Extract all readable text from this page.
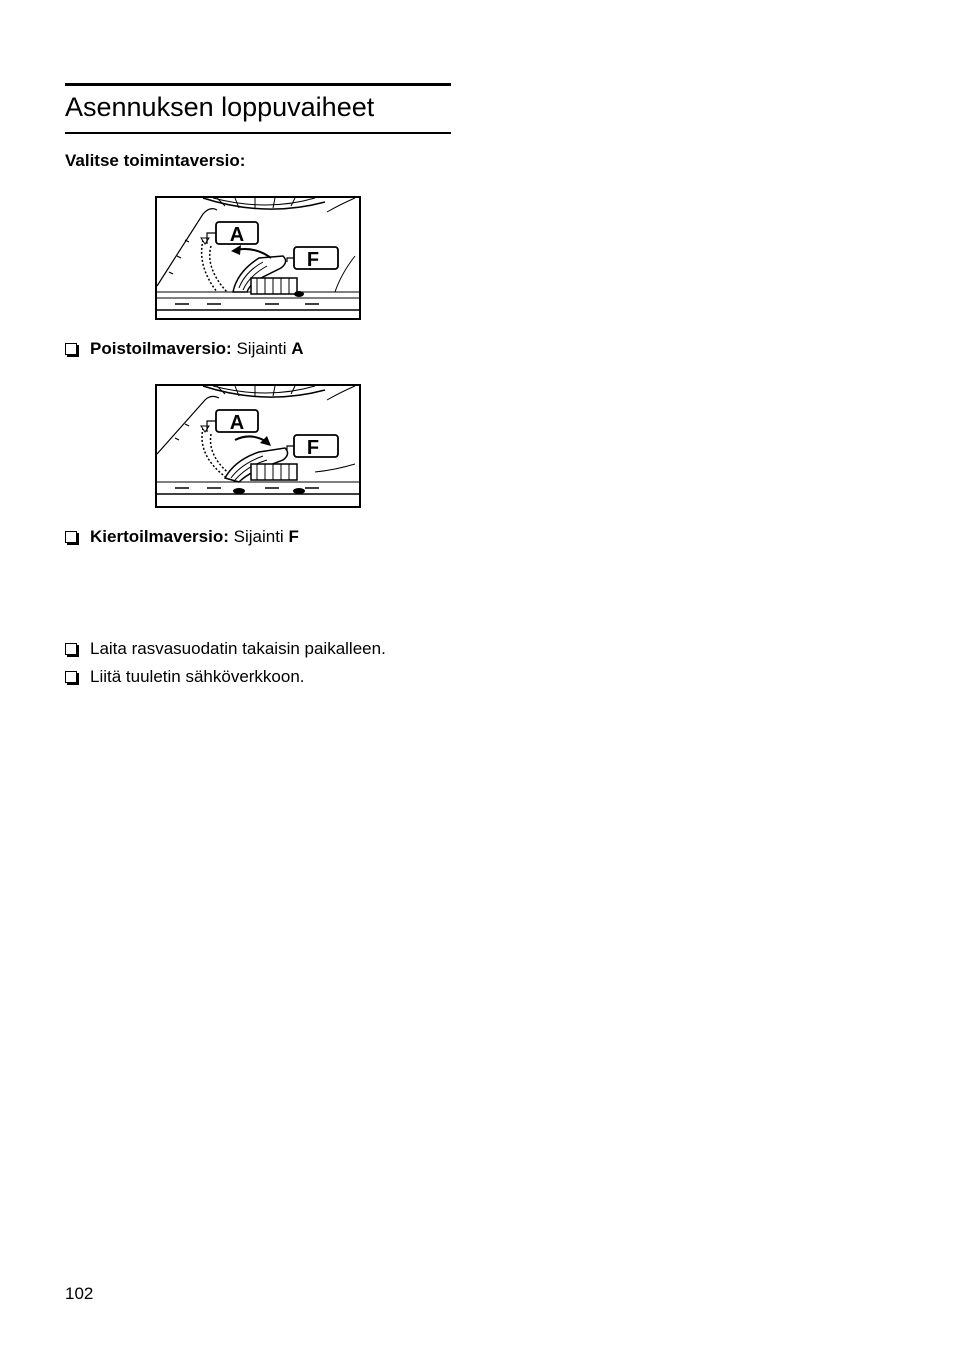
Asennuksen loppuvaiheet
Valitse toimintaversio:
A
F
Poistoilmaversio: Sijainti A
A
F
Kiertoilmaversio: Sijainti F
Laita rasvasuodatin takaisin paikalleen.
Liitä tuuletin sähköverkkoon.
102
